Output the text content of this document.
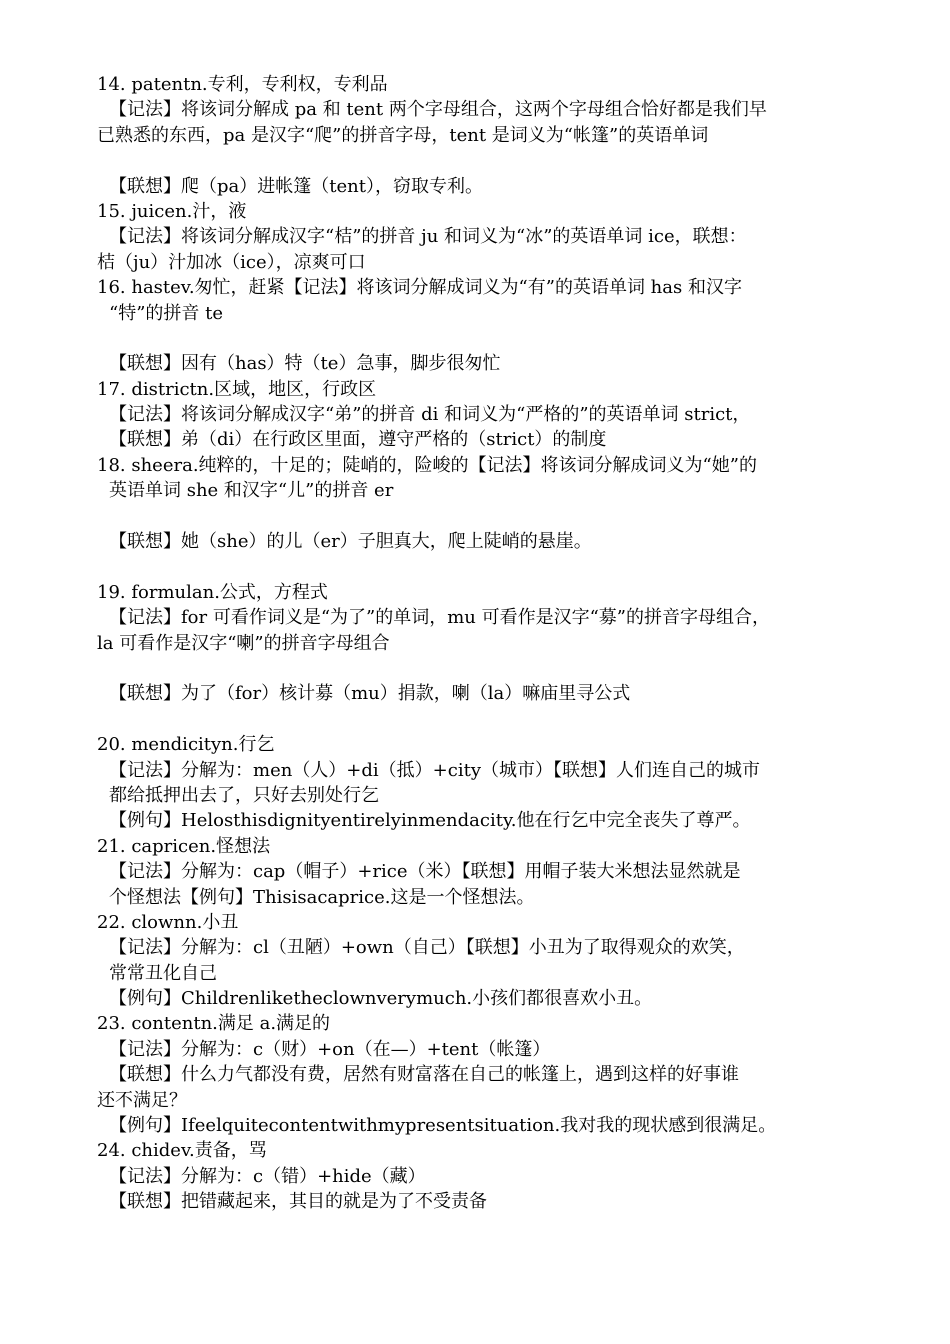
14. patentn.专利，专利权，专利品
【记法】将该词分解成 pa 和 tent 两个字母组合，这两个字母组合恰好都是我们早
已熟悉的东西，pa 是汉字“爬”的拼音字母，tent 是词义为“帐篷”的英语单词
【联想】爬（pa）进帐篷（tent），窃取专利。
15. juicen.汁，液
【记法】将该词分解成汉字“桔”的拼音 ju 和词义为“冰”的英语单词 ice，联想：
桔（ju）汁加冰（ice），凉爽可口
16. hastev.匆忙，赶紧【记法】将该词分解成词义为“有”的英语单词 has 和汉字
“特”的拼音 te
【联想】因有（has）特（te）急事，脚步很匆忙
17. districtn.区域，地区，行政区
【记法】将该词分解成汉字“弟”的拼音 di 和词义为“严格的”的英语单词 strict，
【联想】弟（di）在行政区里面，遵守严格的（strict）的制度
18. sheera.纯粹的，十足的；陡峭的，险峻的【记法】将该词分解成词义为“她”的
英语单词 she 和汉字“儿”的拼音 er
【联想】她（she）的儿（er）子胆真大，爬上陡峭的悬崖。
19. formulan.公式，方程式
【记法】for 可看作词义是“为了”的单词，mu 可看作是汉字“募”的拼音字母组合，
la 可看作是汉字“喇”的拼音字母组合
【联想】为了（for）核计募（mu）捐款，喇（la）嘛庙里寻公式
20. mendicityn.行乞
【记法】分解为：men（人）+di（抵）+city（城市）【联想】人们连自己的城市
都给抵押出去了，只好去别处行乞
【例句】Helosthisdignityentirelyinmendacity.他在行乞中完全丧失了尊严。
21. capricen.怪想法
【记法】分解为：cap（帽子）+rice（米）【联想】用帽子装大米想法显然就是
个怪想法【例句】Thisisacaprice.这是一个怪想法。
22. clownn.小丑
【记法】分解为：cl（丑陋）+own（自己）【联想】小丑为了取得观众的欢笑，
常常丑化自己
【例句】Childrenliketheclownverymuch.小孩们都很喜欢小丑。
23. contentn.满足 a.满足的
【记法】分解为：c（财）+on（在—）+tent（帐篷）
【联想】什么力气都没有费，居然有财富落在自己的帐篷上，遇到这样的好事谁
还不满足？
【例句】Ifeelquitecontentwithmypresentsituation.我对我的现状感到很满足。
24. chidev.责备，骂
【记法】分解为：c（错）+hide（藏）
【联想】把错藏起来，其目的就是为了不受责备
